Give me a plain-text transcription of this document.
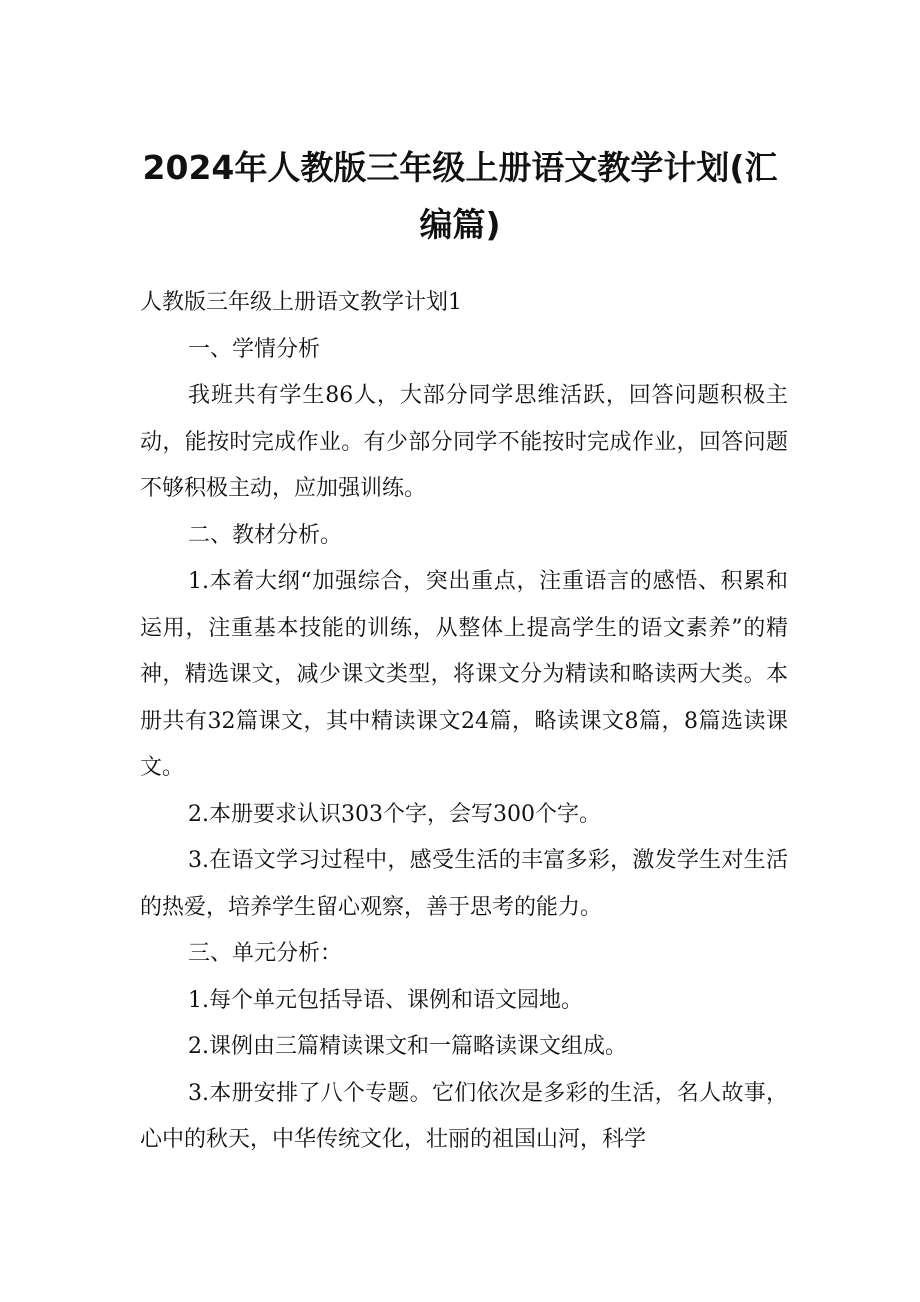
2024年人教版三年级上册语文教学计划(汇
编篇)

人教版三年级上册语文教学计划1

一、学情分析

我班共有学生86人，大部分同学思维活跃，回答问题积极主动，能按时完成作业。有少部分同学不能按时完成作业，回答问题不够积极主动，应加强训练。

二、教材分析。

1.本着大纲“加强综合，突出重点，注重语言的感悟、积累和运用，注重基本技能的训练，从整体上提高学生的语文素养”的精神，精选课文，减少课文类型，将课文分为精读和略读两大类。本册共有32篇课文，其中精读课文24篇，略读课文8篇，8篇选读课文。

2.本册要求认识303个字，会写300个字。

3.在语文学习过程中，感受生活的丰富多彩，激发学生对生活的热爱，培养学生留心观察，善于思考的能力。

三、单元分析：

1.每个单元包括导语、课例和语文园地。

2.课例由三篇精读课文和一篇略读课文组成。

3.本册安排了八个专题。它们依次是多彩的生活，名人故事，心中的秋天，中华传统文化，壮丽的祖国山河，科学
